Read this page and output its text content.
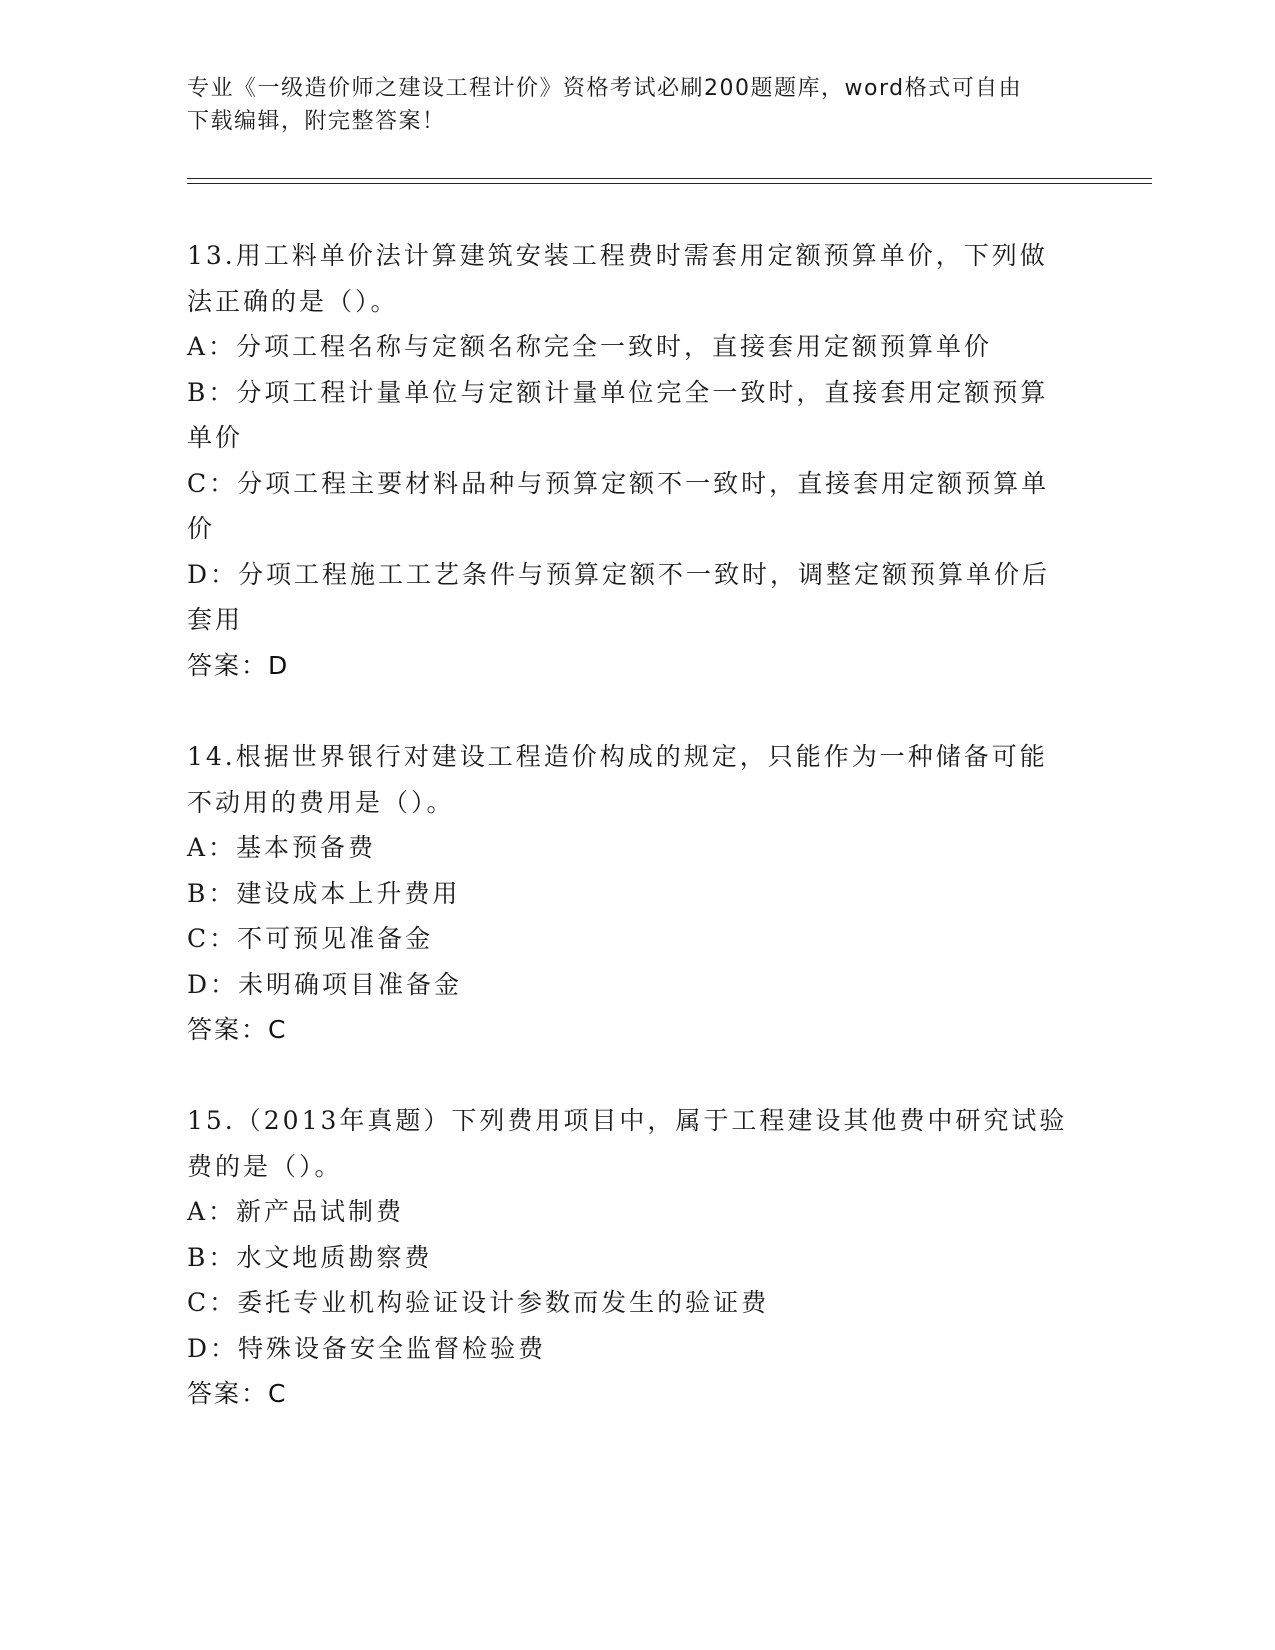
专业《一级造价师之建设工程计价》资格考试必刷200题题库，word格式可自由
下载编辑，附完整答案！

13.用工料单价法计算建筑安装工程费时需套用定额预算单价，下列做

法正确的是（）。

A：分项工程名称与定额名称完全一致时，直接套用定额预算单价

B：分项工程计量单位与定额计量单位完全一致时，直接套用定额预算

单价

C：分项工程主要材料品种与预算定额不一致时，直接套用定额预算单

价

D：分项工程施工工艺条件与预算定额不一致时，调整定额预算单价后

套用

答案：D

14.根据世界银行对建设工程造价构成的规定，只能作为一种储备可能

不动用的费用是（）。

A：基本预备费

B：建设成本上升费用

C：不可预见准备金

D：未明确项目准备金

答案：C

15.（2013年真题）下列费用项目中，属于工程建设其他费中研究试验

费的是（）。

A：新产品试制费

B：水文地质勘察费

C：委托专业机构验证设计参数而发生的验证费

D：特殊设备安全监督检验费

答案：C
